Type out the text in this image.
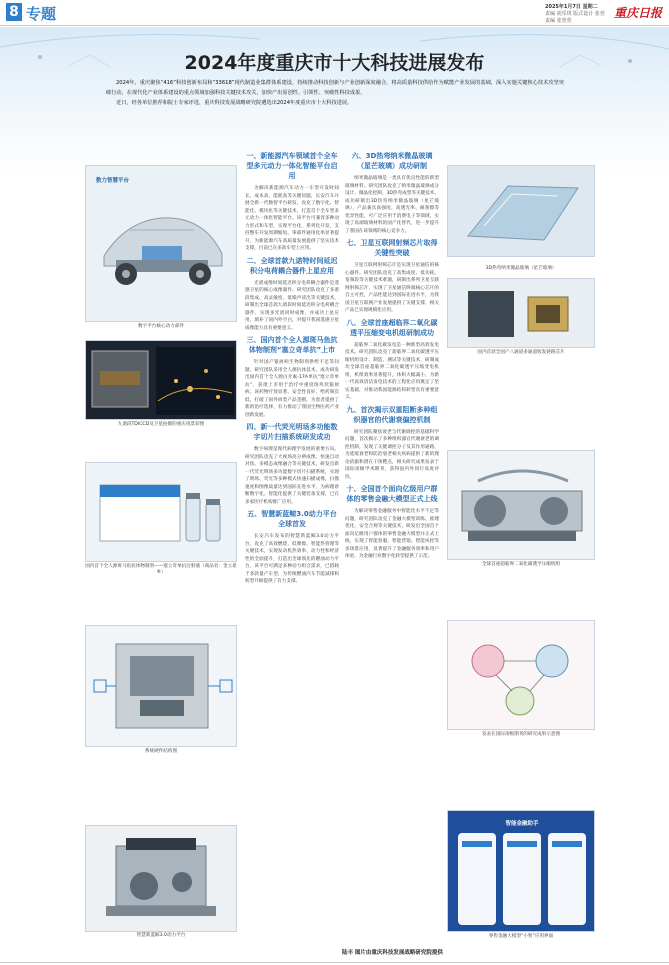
8 专题	2025年1月7日 星期二
责编 胡乐琪 版式设计 张萱
责编 张萱萱
重庆日报
2024年度重庆市十大科技进展发布

2024年，重庆聚焦“416”科技创新布局和“33618”现代制造业集群体系建设，持续推动科技创新与产业创新深度融合，将高质量科技供给作为赋能产业发展的基础，深入实施关键核心技术攻坚突破行动，在现代化产业体系建设的重点领域加强科技关键技术攻关，加快产出原创性、引领性、突破性科技成果。

近日，经各单位推荐和院士专家评选，重庆科技发展战略研究院遴选出2024年度重庆市十大科技进展。

数力智慧平台
数字平台核心动力部件
九谱段TDICCD及卫星拍摄的重庆夜景彩图
国内首个全人源斑马鱼抗体物制剂——塞立奇单抗注射液（商品名：金立希®）
系统硬件结构图
智慧新蓝鲸3.0动力平台
一、新能源汽车领域首个全车型多元动力一体化智能平台启用

为解决新能源汽车动力一车型开发时间长、成本高、能耗高等关键问题，长安汽车开展全新一代数智平台研发，攻克了数字化、智能化、模块化等关键技术，打造首个全车型多元动力一体化智能平台。该平台可兼容多种动力形式和车型，实现平台化、系列化开发，支持整车开发周期缩短、零部件通用化率显著提升，为新能源汽车高质量发展提供了坚实技术支撑，目前已在多款车型上应用。

二、全球首款九诺特时间延迟积分电荷耦合器件上星应用

光谱成像时间延迟积分电荷耦合器件是遥感卫星的核心成像器件。研究团队攻克了多谱段集成、高灵敏度、低噪声读出等关键技术，研制出全球首款九谱段时间延迟积分电荷耦合器件，实现多光谱同时成像，并成功上星应用，填补了国内外空白，对提升我国遥感卫星成像能力具有重要意义。

三、国内首个全人源斑马鱼抗体物制剂“塞立奇单抗”上市

针对国产银屑病生物制剂供给不足等问题，研究团队采用全人源抗体技术，成功研发出国内首个全人源白介素-17A单抗“塞立奇单抗”，获批上市用于治疗中重度斑块状银屑病。该药物疗效显著、安全性良好、给药频次低，打破了国外同类产品垄断，为患者提供了新的治疗选择，有力推动了我国生物医药产业创新发展。

四、新一代荧光明场多功能数字切片扫描系统研发成功

数字病理是现代病理学发展的重要方向。研究团队攻克了大视场高分辨成像、快速自动对焦、多模态成像融合等关键技术，研发出新一代荧光明场多功能数字切片扫描系统，实现了明场、荧光等多种模式快速扫描成像，扫描速度和图像质量达到国际先进水平，为病理诊断数字化、智能化提供了关键装备支撑，已在多家医疗机构推广应用。

五、智慧新蓝鲸3.0动力平台全球首发

长安汽车发布的智慧新蓝鲸3.0动力平台，攻克了高效燃烧、低摩擦、智能热管理等关键技术，实现发动机热效率、动力性和经济性的全面提升，打造出全球领先的燃油动力平台。该平台可满足多种动力组合需求，已搭载于多款量产车型，为传统燃油汽车节能减排和转型升级提供了有力支撑。

六、3D热弯纳米微晶玻璃（星芒玻璃）成功研制

纳米微晶玻璃是一类具有优良性能的新型玻璃材料。研究团队攻克了纳米微晶玻璃成分设计、微晶化控制、3D热弯成型等关键技术，成功研制出3D热弯纳米微晶玻璃（星芒玻璃），产品兼具高强度、高透光率、耐刮擦等优异性能，可广泛应用于消费电子等领域，实现了高端玻璃材料的国产化替代，进一步提升了我国在该领域的核心竞争力。

七、卫星互联网射频芯片取得关键性突破

卫星互联网射频芯片是实现卫星通信的核心器件。研究团队攻克了高集成度、低功耗、宽频段等关键技术难题，研制出系列卫星互联网射频芯片，实现了卫星通信终端核心芯片的自主可控，产品性能达到国际先进水平，为我国卫星互联网产业发展提供了关键支撑，相关产品已实现规模化应用。

八、全球首座超临界二氧化碳透平压缩变电机组研制成功

超临界二氧化碳发电是一种新型高效发电技术。研究团队攻克了超临界二氧化碳透平压缩机组设计、制造、测试等关键技术，研制成功全球首座超临界二氧化碳透平压缩变电机组，机组效率显著提升，体积大幅减小，为新一代高效清洁发电技术的工程化应用奠定了坚实基础，对推动我国能源结构转型具有重要意义。

九、首次揭示双重阻断多种组织器官的代谢衰偏控机制

研究团队聚焦衰老与代谢调控的基础科学问题，首次揭示了多种组织器官代谢衰老的调控机制，发现了关键调控分子及其作用通路，为延缓衰老和防治衰老相关疾病提供了新的理论依据和潜在干预靶点，相关研究成果发表于国际顶级学术期刊，获得国内外同行高度评价。

十、全国首个面向亿级用户群体的零售金融大模型正式上线

为解决零售金融服务中智能化水平不足等问题，研究团队攻克了金融大模型训练、推理优化、安全合规等关键技术，研发出全国首个面向亿级用户群体的零售金融大模型并正式上线，实现了智能客服、智能营销、智能风控等多场景应用，显著提升了金融服务效率和用户体验，为金融行业数字化转型提供了示范。

3D热弯纳米微晶玻璃（星芒玻璃）
国内首款全国产八通道多通道收发链路芯片
全球首座超临界二氧化碳透平压缩机组
发表在国际顶级期刊的研究成果示意图
智能金融助手
零售金融大模型“小智”应用界面
陆丰 图片由重庆科技发展战略研究院提供
